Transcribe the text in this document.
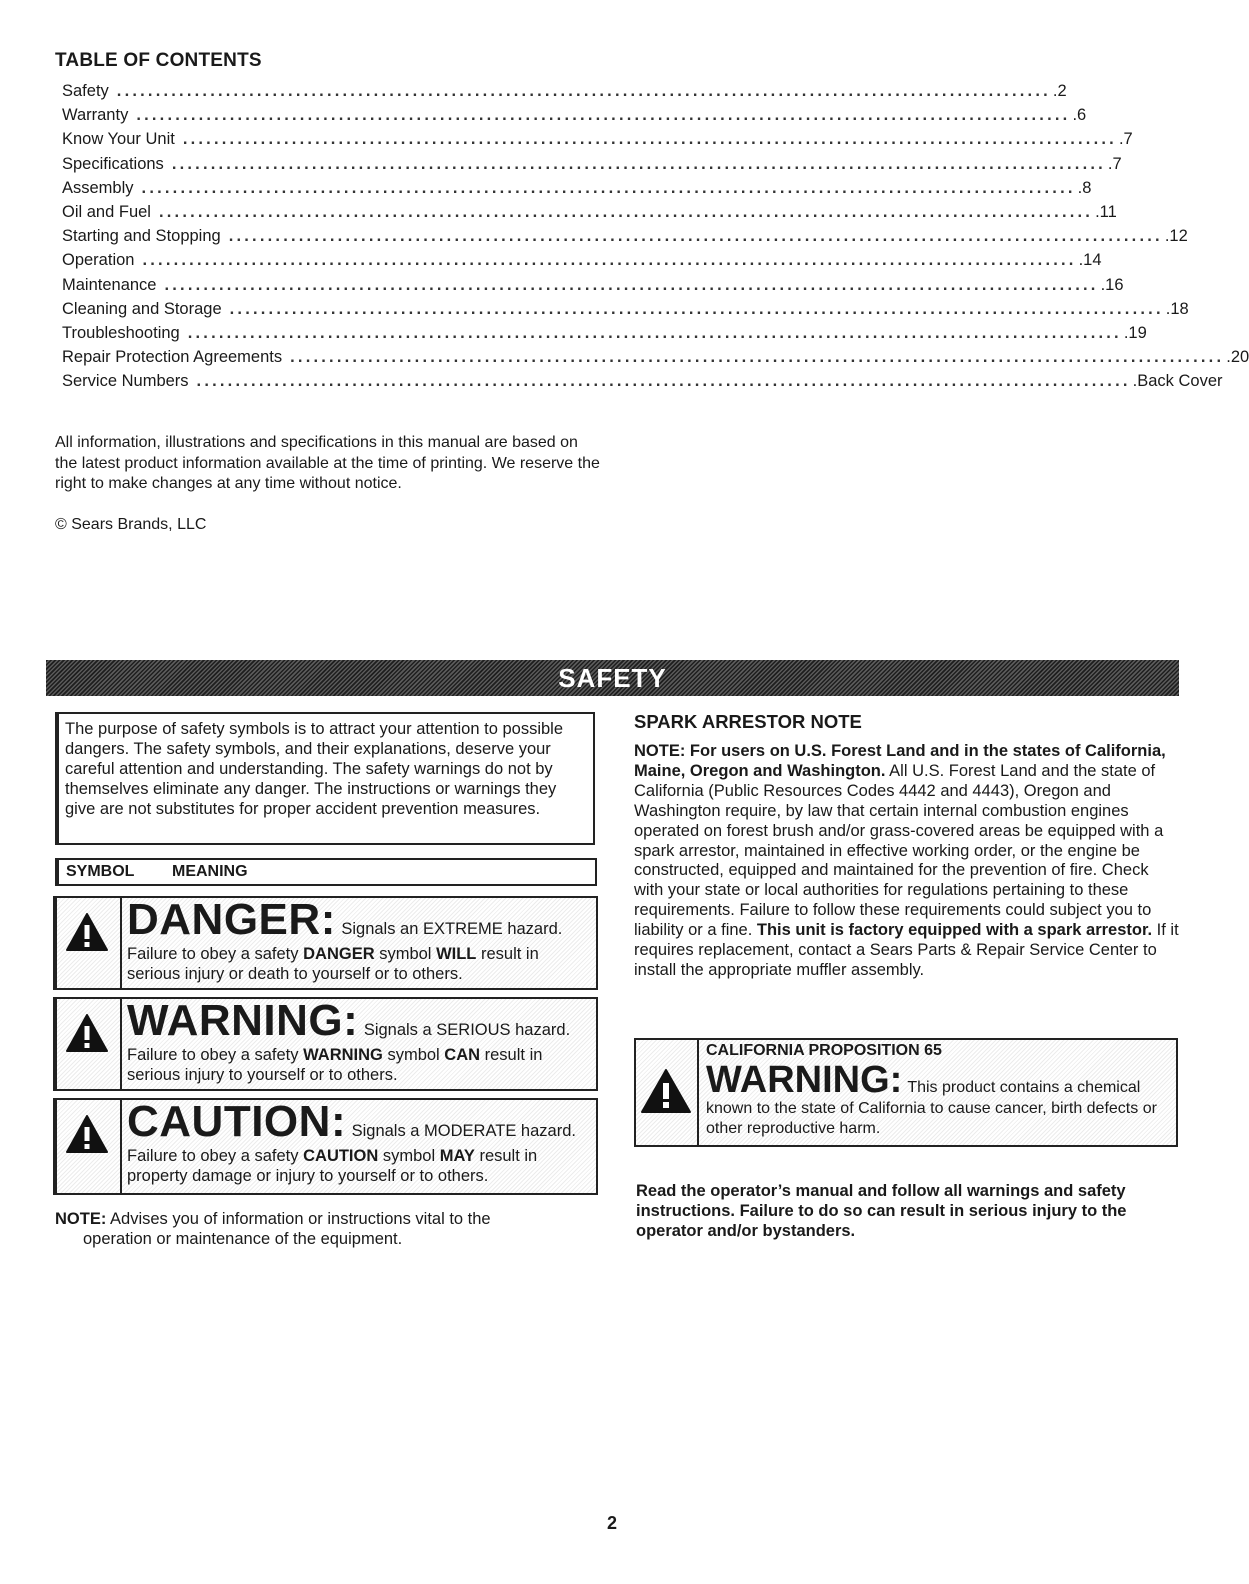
TABLE OF CONTENTS
Safety ........................................................................................................................ .2
Warranty ........................................................................................................................ .6
Know Your Unit ........................................................................................................................ .7
Specifications ........................................................................................................................ .7
Assembly ........................................................................................................................ .8
Oil and Fuel ........................................................................................................................ .11
Starting and Stopping ........................................................................................................................ .12
Operation ........................................................................................................................ .14
Maintenance ........................................................................................................................ .16
Cleaning and Storage ........................................................................................................................ .18
Troubleshooting ........................................................................................................................ .19
Repair Protection Agreements ........................................................................................................................ .20
Service Numbers ........................................................................................................................ .Back Cover
All information, illustrations and specifications in this manual are based on the latest product information available at the time of printing. We reserve the right to make changes at any time without notice.
© Sears Brands, LLC
SAFETY
The purpose of safety symbols is to attract your attention to possible dangers. The safety symbols, and their explanations, deserve your careful attention and understanding. The safety warnings do not by themselves eliminate any danger. The instructions or warnings they give are not substitutes for proper accident prevention measures.
SYMBOL MEANING
DANGER: Signals an EXTREME hazard.
Failure to obey a safety DANGER symbol WILL result in serious injury or death to yourself or to others.
WARNING: Signals a SERIOUS hazard.
Failure to obey a safety WARNING symbol CAN result in serious injury to yourself or to others.
CAUTION: Signals a MODERATE hazard.
Failure to obey a safety CAUTION symbol MAY result in property damage or injury to yourself or to others.
NOTE: Advises you of information or instructions vital to the
operation or maintenance of the equipment.
SPARK ARRESTOR NOTE
NOTE: For users on U.S. Forest Land and in the states of California, Maine, Oregon and Washington. All U.S. Forest Land and the state of California (Public Resources Codes 4442 and 4443), Oregon and Washington require, by law that certain internal combustion engines operated on forest brush and/or grass-covered areas be equipped with a spark arrestor, maintained in effective working order, or the engine be constructed, equipped and maintained for the prevention of fire. Check with your state or local authorities for regulations pertaining to these requirements. Failure to follow these requirements could subject you to liability or a fine. This unit is factory equipped with a spark arrestor. If it requires replacement, contact a Sears Parts & Repair Service Center to install the appropriate muffler assembly.
CALIFORNIA PROPOSITION 65
WARNING: This product contains a chemical
known to the state of California to cause cancer, birth defects or other reproductive harm.
Read the operator’s manual and follow all warnings and safety instructions. Failure to do so can result in serious injury to the operator and/or bystanders.
2
